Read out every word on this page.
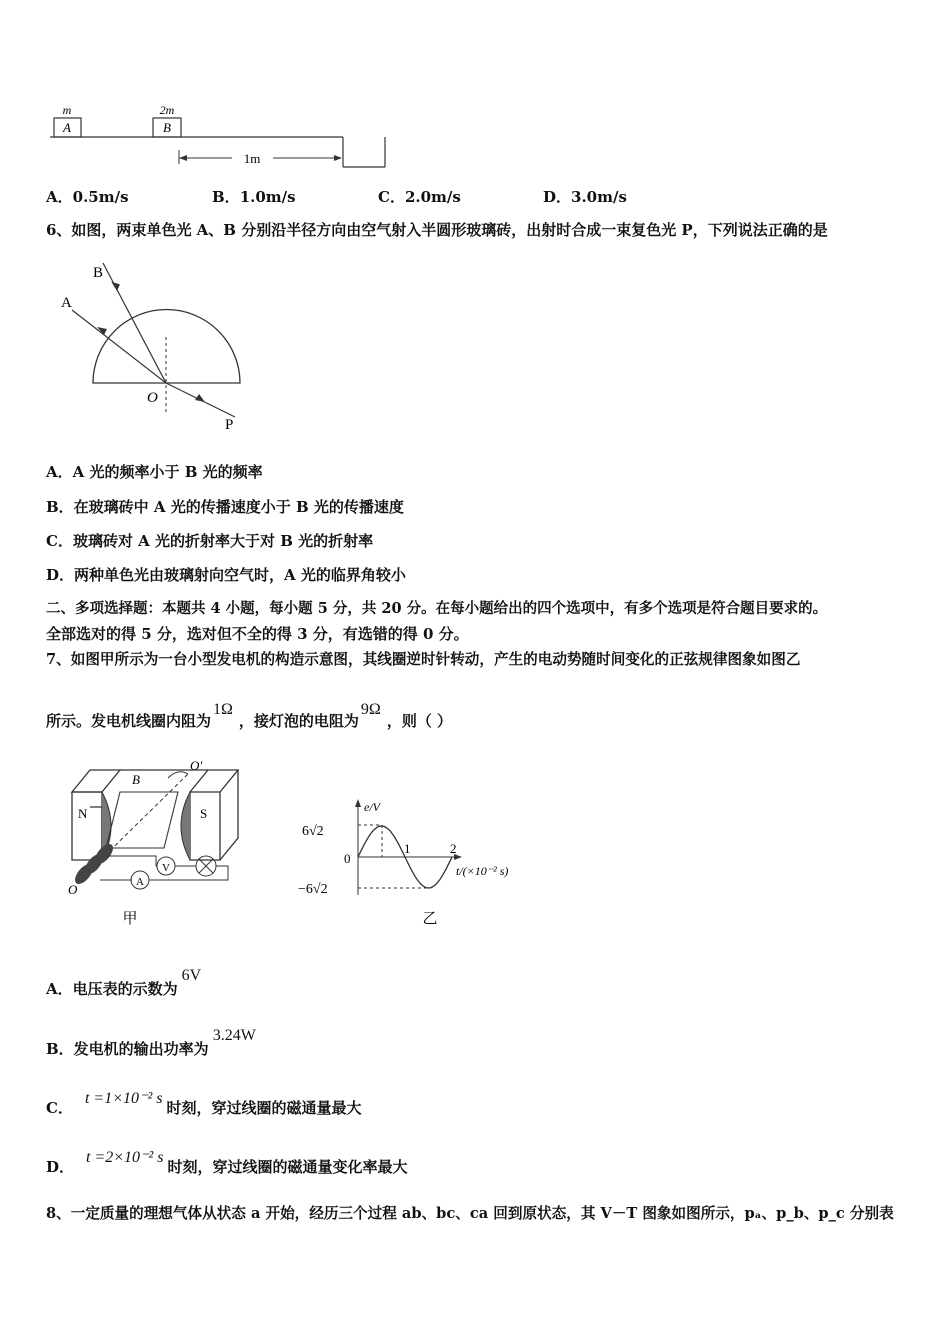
A	B
m	2m
1m
A．0.5m/s	B．1.0m/s	C．2.0m/s	D．3.0m/s
6、如图，两束单色光 A、B 分别沿半径方向由空气射入半圆形玻璃砖，出射时合成一束复色光 P，下列说法正确的是
B
A
O
P
A．A 光的频率小于 B 光的频率
B．在玻璃砖中 A 光的传播速度小于 B 光的传播速度
C．玻璃砖对 A 光的折射率大于对 B 光的折射率
D．两种单色光由玻璃射向空气时，A 光的临界角较小
二、多项选择题：本题共 4 小题，每小题 5 分，共 20 分。在每小题给出的四个选项中，有多个选项是符合题目要求的。
全部选对的得 5 分，选对但不全的得 3 分，有选错的得 0 分。
7、如图甲所示为一台小型发电机的构造示意图，其线圈逆时针转动，产生的电动势随时间变化的正弦规律图象如图乙
所示。发电机线圈内阻为1Ω，接灯泡的电阻为9Ω，则（ ）
N	S
B
O′
O
V
A
甲
e/V
6√2
−6√2
0
1	2
t/(×10⁻² s)
乙
A．电压表的示数为6V
B．发电机的输出功率为3.24W
C．t =1×10⁻² s时刻，穿过线圈的磁通量最大
D．t =2×10⁻² s时刻，穿过线圈的磁通量变化率最大
8、一定质量的理想气体从状态 a 开始，经历三个过程 ab、bc、ca 回到原状态，其 V－T 图象如图所示，pₐ、p_b、p_c 分别表
